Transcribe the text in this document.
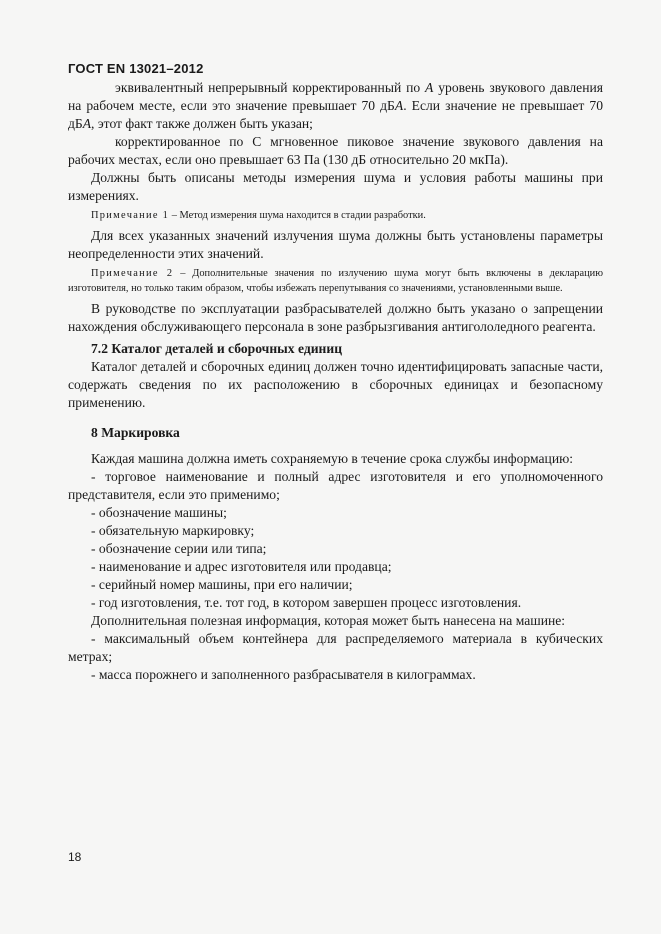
ГОСТ EN 13021–2012

эквивалентный непрерывный корректированный по А уровень звукового давления на рабочем месте, если это значение превышает 70 дБА. Если значение не превышает 70 дБА, этот факт также должен быть указан;

корректированное по С мгновенное пиковое значение звукового давления на рабочих местах, если оно превышает 63 Па (130 дБ относительно 20 мкПа).

Должны быть описаны методы измерения шума и условия работы машины при измерениях.

Примечание 1 – Метод измерения шума находится в стадии разработки.

Для всех указанных значений излучения шума должны быть установлены параметры неопределенности этих значений.

Примечание 2 – Дополнительные значения по излучению шума могут быть включены в декларацию изготовителя, но только таким образом, чтобы избежать перепутывания со значениями, установленными выше.

В руководстве по эксплуатации разбрасывателей должно быть указано о запрещении нахождения обслуживающего персонала в зоне разбрызгивания антигололедного реагента.

7.2 Каталог деталей и сборочных единиц

Каталог деталей и сборочных единиц должен точно идентифицировать запасные части, содержать сведения по их расположению в сборочных единицах и безопасному применению.

8 Маркировка

Каждая машина должна иметь сохраняемую в течение срока службы информацию:

- торговое наименование и полный адрес изготовителя и его уполномоченного представителя, если это применимо;

- обозначение машины;

- обязательную маркировку;

- обозначение серии или типа;

- наименование и адрес изготовителя или продавца;

- серийный номер машины, при его наличии;

- год изготовления, т.е. тот год, в котором завершен процесс изготовления.

Дополнительная полезная информация, которая может быть нанесена на машине:

- максимальный объем контейнера для распределяемого материала в кубических метрах;

- масса порожнего и заполненного разбрасывателя в килограммах.

18
